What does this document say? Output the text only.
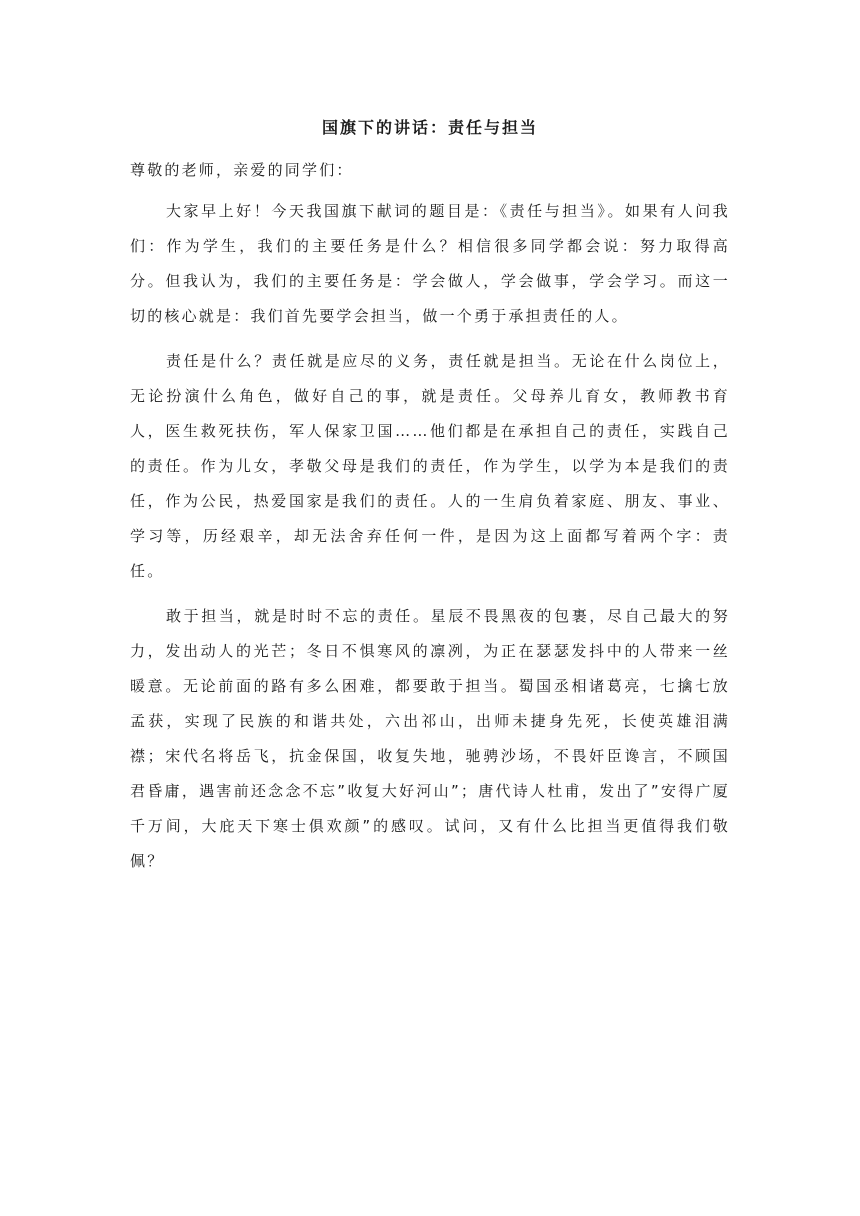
国旗下的讲话：责任与担当
尊敬的老师，亲爱的同学们：

大家早上好！今天我国旗下献词的题目是：《责任与担当》。如果有人问我们：作为学生，我们的主要任务是什么？相信很多同学都会说：努力取得高分。但我认为，我们的主要任务是：学会做人，学会做事，学会学习。而这一切的核心就是：我们首先要学会担当，做一个勇于承担责任的人。

责任是什么？责任就是应尽的义务，责任就是担当。无论在什么岗位上，无论扮演什么角色，做好自己的事，就是责任。父母养儿育女，教师教书育人，医生救死扶伤，军人保家卫国……他们都是在承担自己的责任，实践自己的责任。作为儿女，孝敬父母是我们的责任，作为学生，以学为本是我们的责任，作为公民，热爱国家是我们的责任。人的一生肩负着家庭、朋友、事业、学习等，历经艰辛，却无法舍弃任何一件，是因为这上面都写着两个字：责任。

敢于担当，就是时时不忘的责任。星辰不畏黑夜的包裹，尽自己最大的努力，发出动人的光芒；冬日不惧寒风的凛冽，为正在瑟瑟发抖中的人带来一丝暖意。无论前面的路有多么困难，都要敢于担当。蜀国丞相诸葛亮，七擒七放孟获，实现了民族的和谐共处，六出祁山，出师未捷身先死，长使英雄泪满襟；宋代名将岳飞，抗金保国，收复失地，驰骋沙场，不畏奸臣谗言，不顾国君昏庸，遇害前还念念不忘”收复大好河山”；唐代诗人杜甫，发出了”安得广厦千万间，大庇天下寒士俱欢颜”的感叹。试问，又有什么比担当更值得我们敬佩？
